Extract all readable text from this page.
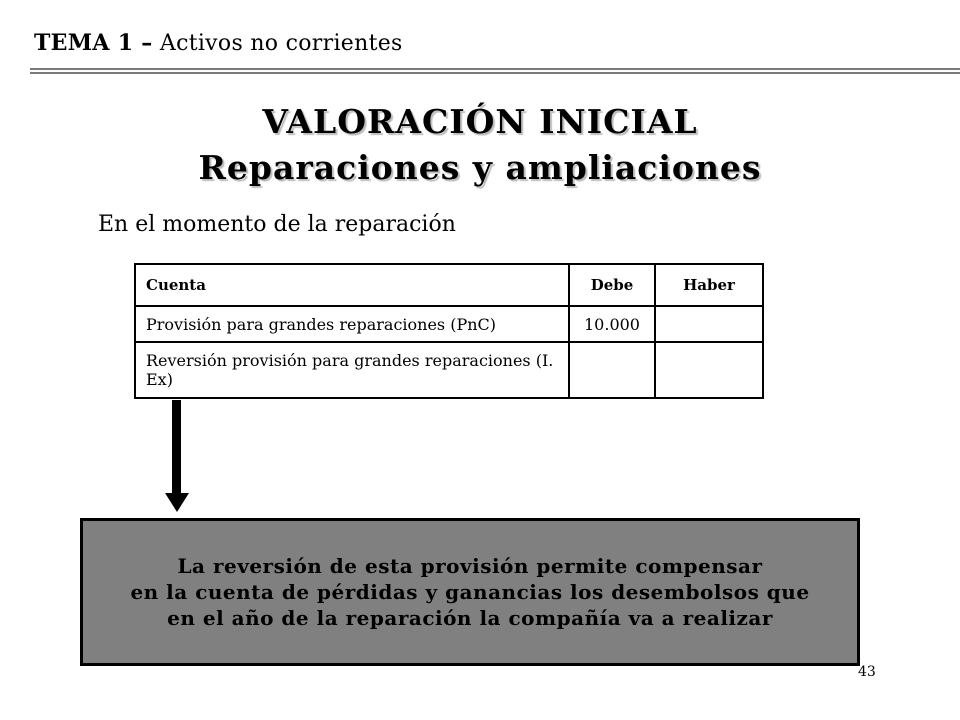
TEMA 1 – Activos no corrientes
VALORACIÓN INICIAL
Reparaciones y ampliaciones
En el momento de la reparación
Cuenta	Debe	Haber
Provisión para grandes reparaciones (PnC)	10.000	
Reversión provisión para grandes reparaciones (I. Ex)		
La reversión de esta provisión permite compensar
en la cuenta de pérdidas y ganancias los desembolsos que
en el año de la reparación la compañía va a realizar
43
